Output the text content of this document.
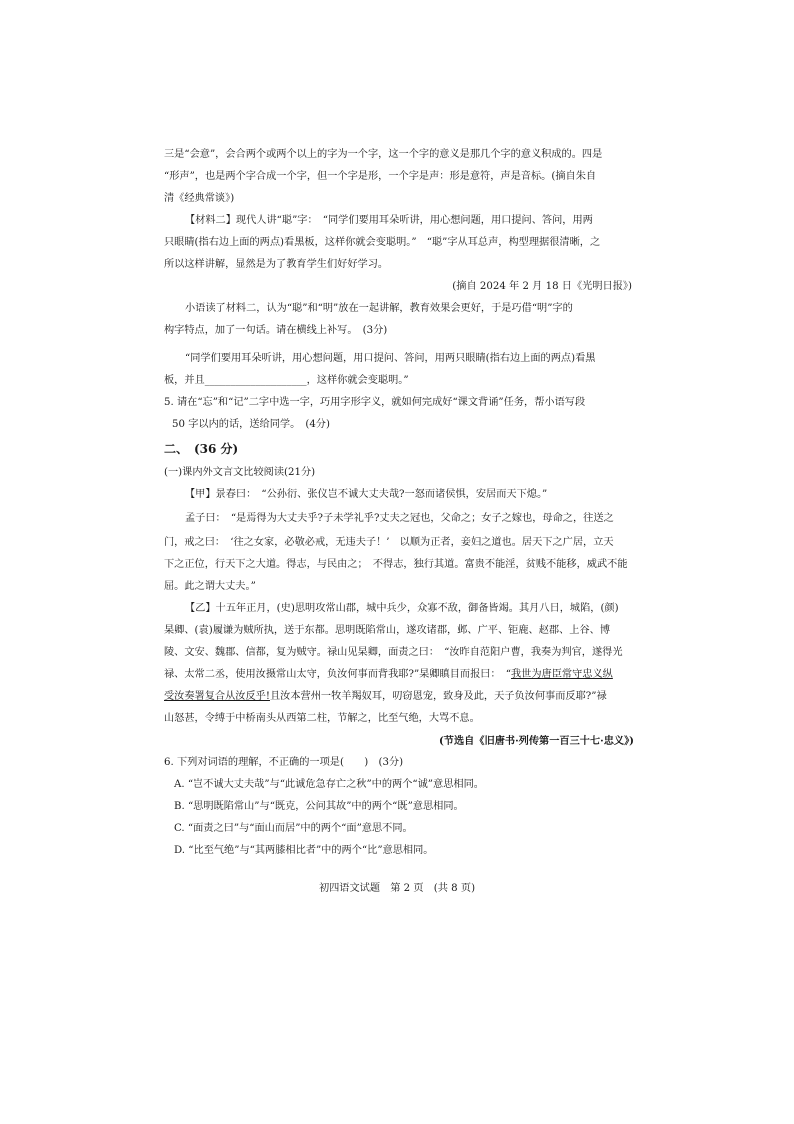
三是“会意”，会合两个或两个以上的字为一个字，这一个字的意义是那几个字的意义积成的。四是
“形声”，也是两个字合成一个字，但一个字是形，一个字是声：形是意符，声是音标。(摘自朱自
清《经典常谈》)
【材料二】现代人讲“聪”字：　“同学们要用耳朵听讲，用心想问题，用口提问、答问，用两
只眼睛(指右边上面的两点)看黑板，这样你就会变聪明。”　“聪”字从耳总声，构型理据很清晰，之
所以这样讲解，显然是为了教育学生们好好学习。
(摘自 2024 年 2 月 18 日《光明日报》)
小语读了材料二，认为“聪”和“明”放在一起讲解，教育效果会更好，于是巧借“明”字的
构字特点，加了一句话。请在横线上补写。　(3分)
“同学们要用耳朵听讲，用心想问题，用口提问、答问，用两只眼睛(指右边上面的两点)看黑
板，并且____________________，这样你就会变聪明。”
5. 请在“忘”和“记”二字中选一字，巧用字形字义，就如何完成好“课文背诵”任务，帮小语写段
50 字以内的话，送给同学。　(4分)
二、　(36 分)
(一)课内外文言文比较阅读(21分)
【甲】景春曰：　“公孙衍、张仪岂不诚大丈夫哉?一怒而诸侯惧，安居而天下熄。”
孟子曰：　“是焉得为大丈夫乎?子未学礼乎?丈夫之冠也，父命之；女子之嫁也，母命之，往送之
门，戒之曰：　‘往之女家，必敬必戒，无违夫子！’　以顺为正者，妾妇之道也。居天下之广居，立天
下之正位，行天下之大道。得志，与民由之；　不得志，独行其道。富贵不能淫，贫贱不能移，威武不能
屈。此之谓大丈夫。”
【乙】十五年正月，(史)思明攻常山郡，城中兵少，众寡不敌，御备皆竭。其月八日，城陷，(颜)
杲卿、(袁)履谦为贼所执，送于东都。思明既陷常山，遂攻诸郡，邺、广平、钜鹿、赵郡、上谷、博
陵、文安、魏郡、信都，复为贼守。禄山见杲卿，面责之曰：　“汝昨自范阳户曹，我奏为判官，遂得光
禄、太常二丞，使用汝摄常山太守，负汝何事而背我耶?”杲卿瞋目而报曰：　“我世为唐臣常守忠义纵
受汝奏署复合从汝反乎!且汝本营州一牧羊羯奴耳，叨窃恩宠，致身及此，天子负汝何事而反耶?”禄
山怒甚，令缚于中桥南头从西第二柱，节解之，比至气绝，大骂不息。
(节选自《旧唐书·列传第一百三十七·忠义》)
6. 下列对词语的理解，不正确的一项是(　　)　(3分)
A. “岂不诚大丈夫哉”与“此诚危急存亡之秋”中的两个“诚”意思相同。
B. “思明既陷常山”与“既克，公问其故”中的两个“既”意思相同。
C. “面责之曰”与“面山而居”中的两个“面”意思不同。
D. “比至气绝”与“其两膝相比者”中的两个“比”意思相同。
初四语文试题　第 2 页　(共 8 页)
